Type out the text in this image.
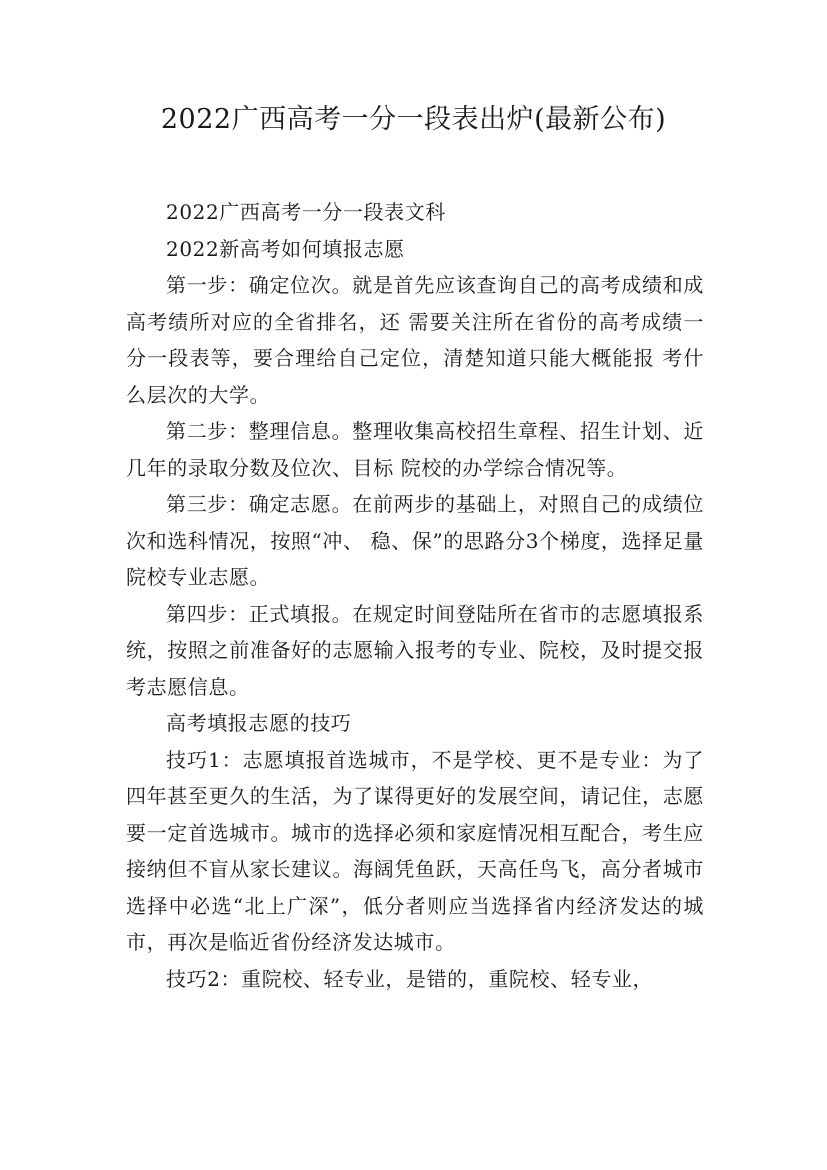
2022广西高考一分一段表出炉(最新公布)

2022广西高考一分一段表文科

2022新高考如何填报志愿

第一步：确定位次。就是首先应该查询自己的高考成绩和成高考绩所对应的全省排名，还 需要关注所在省份的高考成绩一分一段表等，要合理给自己定位，清楚知道只能大概能报 考什么层次的大学。

第二步：整理信息。整理收集高校招生章程、招生计划、近几年的录取分数及位次、目标 院校的办学综合情况等。

第三步：确定志愿。在前两步的基础上，对照自己的成绩位次和选科情况，按照“冲、 稳、保”的思路分3个梯度，选择足量院校专业志愿。

第四步：正式填报。在规定时间登陆所在省市的志愿填报系统，按照之前准备好的志愿输入报考的专业、院校，及时提交报考志愿信息。

高考填报志愿的技巧

技巧1：志愿填报首选城市，不是学校、更不是专业：为了四年甚至更久的生活，为了谋得更好的发展空间，请记住，志愿要一定首选城市。城市的选择必须和家庭情况相互配合，考生应接纳但不盲从家长建议。海阔凭鱼跃，天高任鸟飞，高分者城市选择中必选“北上广深”，低分者则应当选择省内经济发达的城市，再次是临近省份经济发达城市。

技巧2：重院校、轻专业，是错的，重院校、轻专业，
